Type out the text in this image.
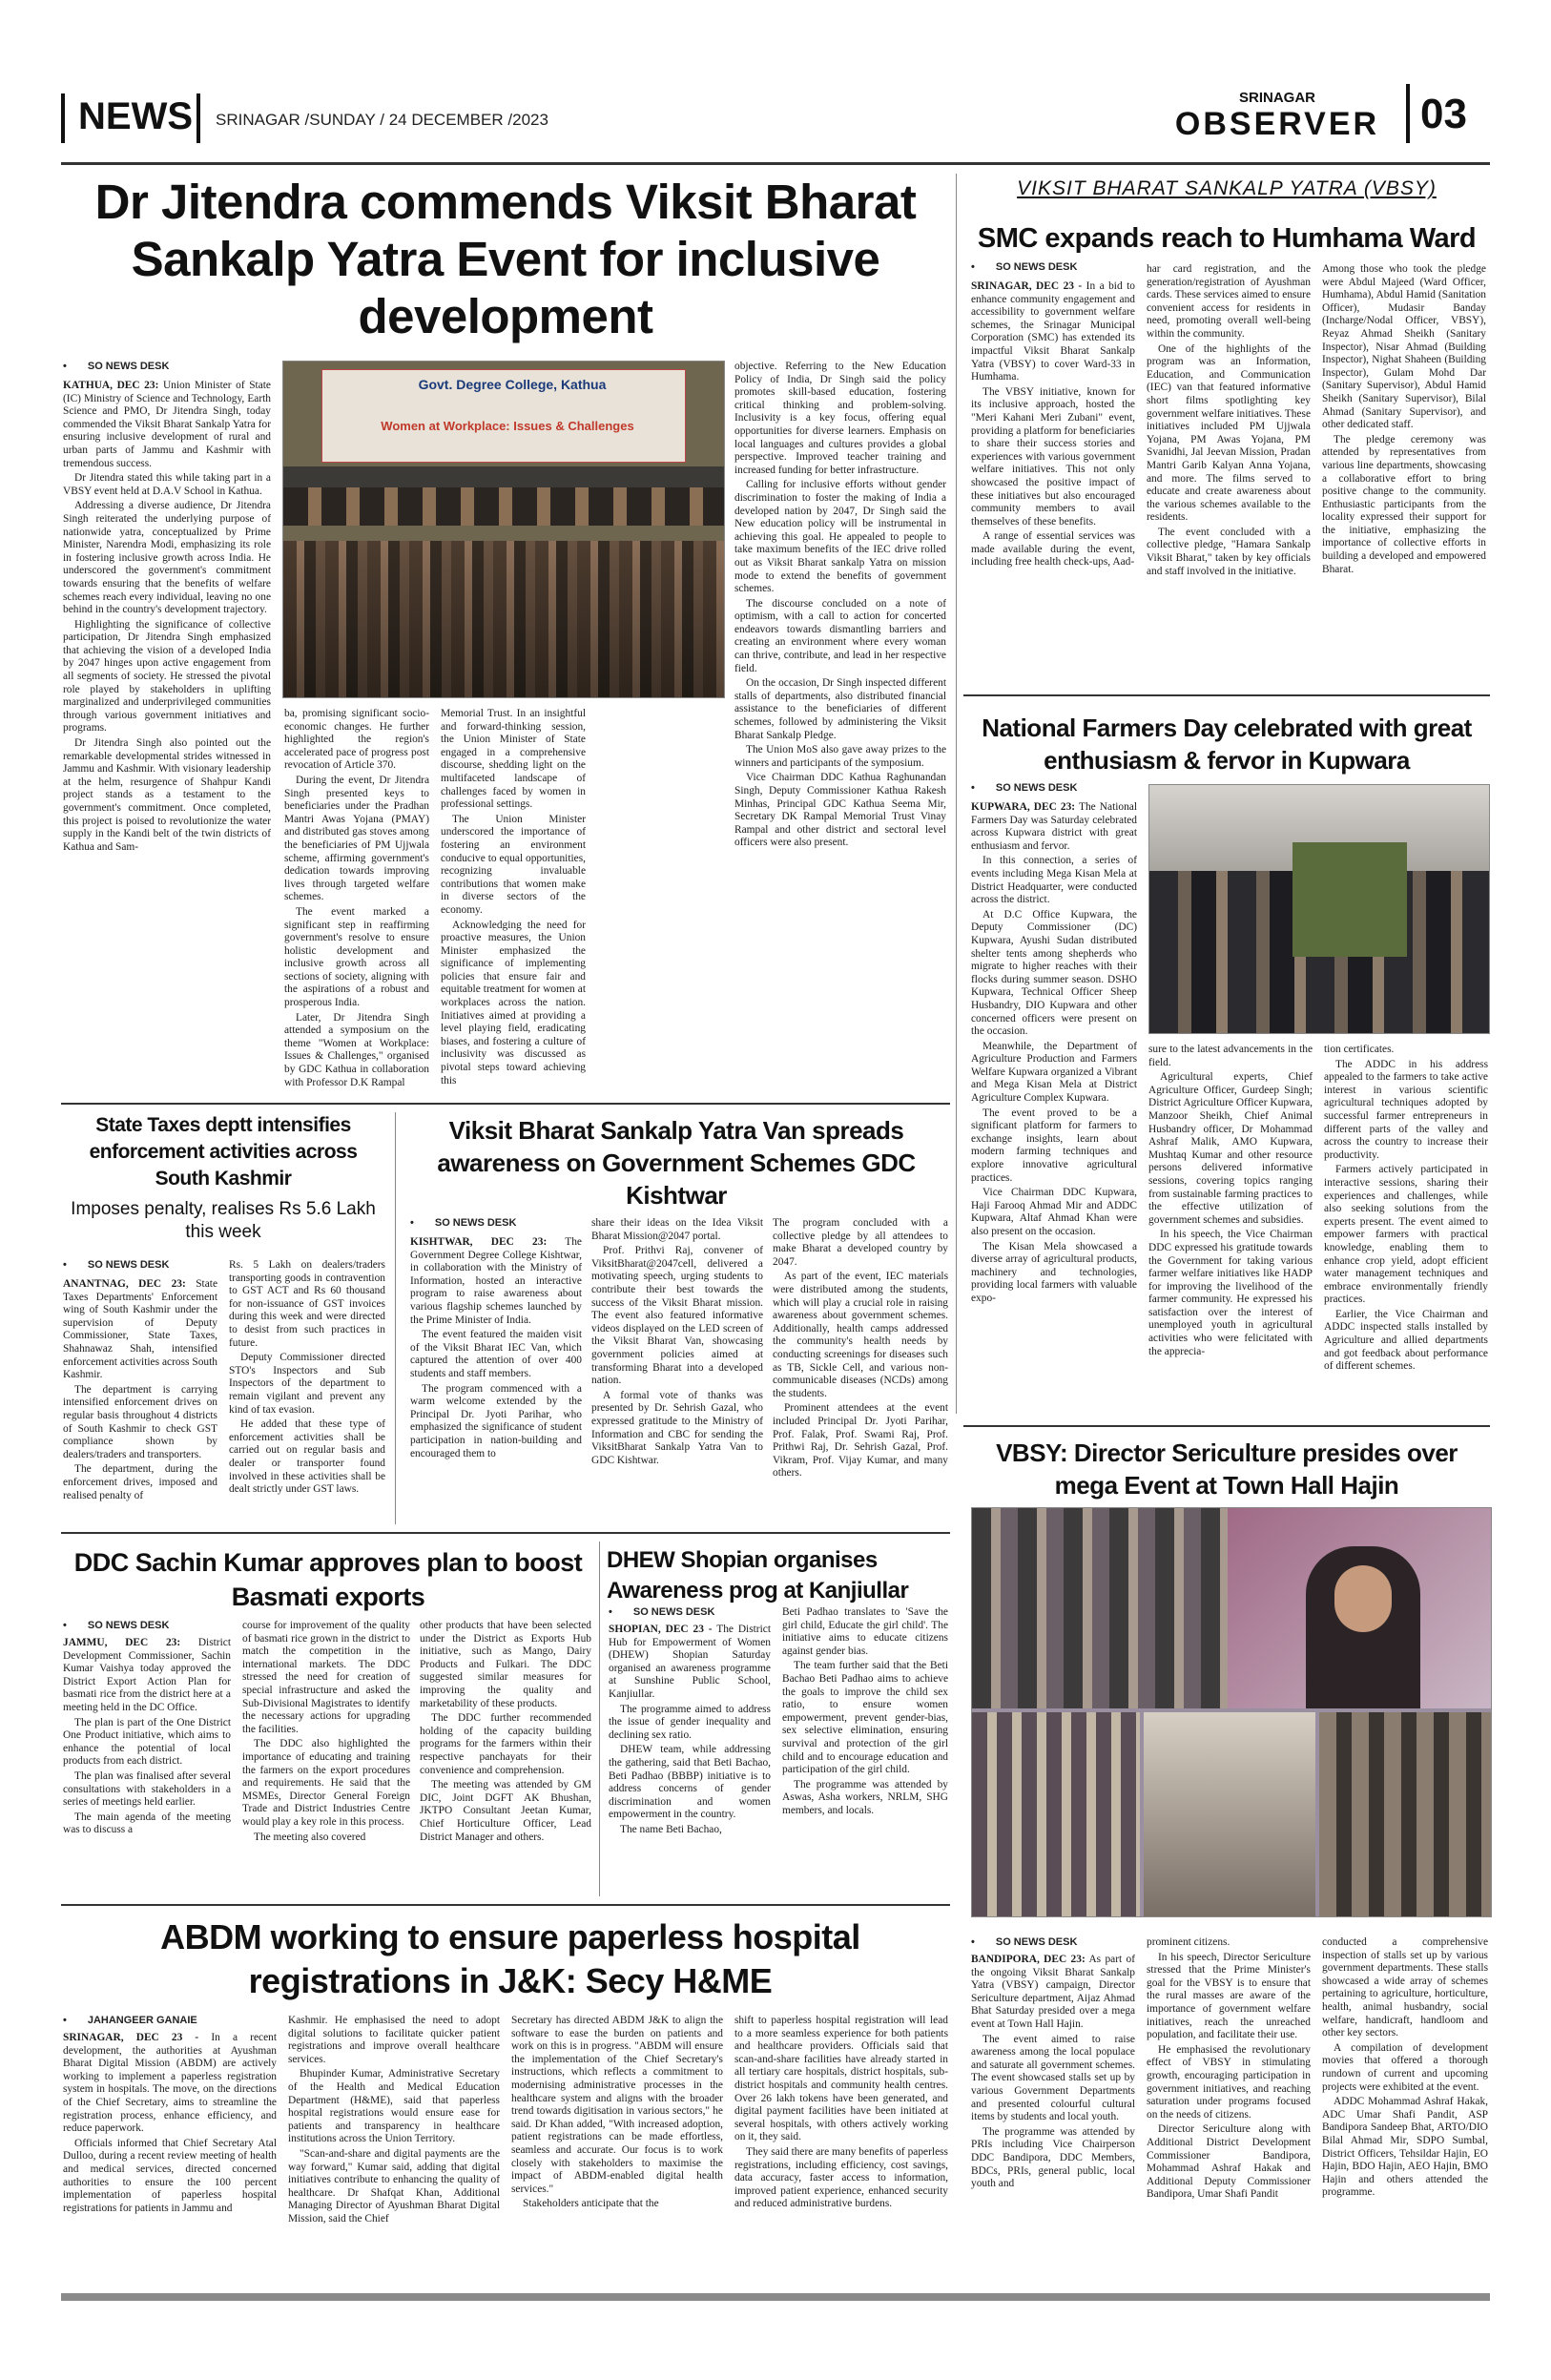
NEWS SRINAGAR /SUNDAY / 24 DECEMBER /2023
SRINAGAR
OBSERVER 03
Dr Jitendra commends Viksit Bharat Sankalp Yatra Event for inclusive development
• SO NEWS DESK

KATHUA, DEC 23: Union Minister of State (IC) Ministry of Science and Technology, Earth Science and PMO, Dr Jitendra Singh, today commended the Viksit Bharat Sankalp Yatra for ensuring inclusive development of rural and urban parts of Jammu and Kashmir with tremendous success.

Dr Jitendra stated this while taking part in a VBSY event held at D.A.V School in Kathua.

Addressing a diverse audience, Dr Jitendra Singh reiterated the underlying purpose of nationwide yatra, conceptualized by Prime Minister, Narendra Modi, emphasizing its role in fostering inclusive growth across India. He underscored the government's commitment towards ensuring that the benefits of welfare schemes reach every individual, leaving no one behind in the country's development trajectory.

Highlighting the significance of collective participation, Dr Jitendra Singh emphasized that achieving the vision of a developed India by 2047 hinges upon active engagement from all segments of society. He stressed the pivotal role played by stakeholders in uplifting marginalized and underprivileged communities through various government initiatives and programs.

Dr Jitendra Singh also pointed out the remarkable developmental strides witnessed in Jammu and Kashmir. With visionary leadership at the helm, resurgence of Shahpur Kandi project stands as a testament to the government's commitment. Once completed, this project is poised to revolutionize the water supply in the Kandi belt of the twin districts of Kathua and Sam-

Govt. Degree College, Kathua
Women at Workplace: Issues & Challenges

ba, promising significant socio-economic changes. He further highlighted the region's accelerated pace of progress post revocation of Article 370.

During the event, Dr Jitendra Singh presented keys to beneficiaries under the Pradhan Mantri Awas Yojana (PMAY) and distributed gas stoves among the beneficiaries of PM Ujjwala scheme, affirming government's dedication towards improving lives through targeted welfare schemes.

The event marked a significant step in reaffirming government's resolve to ensure holistic development and inclusive growth across all sections of society, aligning with the aspirations of a robust and prosperous India.

Later, Dr Jitendra Singh attended a symposium on the theme "Women at Workplace: Issues & Challenges," organised by GDC Kathua in collaboration with Professor D.K Rampal

Memorial Trust. In an insightful and forward-thinking session, the Union Minister of State engaged in a comprehensive discourse, shedding light on the multifaceted landscape of challenges faced by women in professional settings.

The Union Minister underscored the importance of fostering an environment conducive to equal opportunities, recognizing invaluable contributions that women make in diverse sectors of the economy.

Acknowledging the need for proactive measures, the Union Minister emphasized the significance of implementing policies that ensure fair and equitable treatment for women at workplaces across the nation. Initiatives aimed at providing a level playing field, eradicating biases, and fostering a culture of inclusivity was discussed as pivotal steps toward achieving this

objective. Referring to the New Education Policy of India, Dr Singh said the policy promotes skill-based education, fostering critical thinking and problem-solving. Inclusivity is a key focus, offering equal opportunities for diverse learners. Emphasis on local languages and cultures provides a global perspective. Improved teacher training and increased funding for better infrastructure.

Calling for inclusive efforts without gender discrimination to foster the making of India a developed nation by 2047, Dr Singh said the New education policy will be instrumental in achieving this goal. He appealed to people to take maximum benefits of the IEC drive rolled out as Viksit Bharat sankalp Yatra on mission mode to extend the benefits of government schemes.

The discourse concluded on a note of optimism, with a call to action for concerted endeavors towards dismantling barriers and creating an environment where every woman can thrive, contribute, and lead in her respective field.

On the occasion, Dr Singh inspected different stalls of departments, also distributed financial assistance to the beneficiaries of different schemes, followed by administering the Viksit Bharat Sankalp Pledge.

The Union MoS also gave away prizes to the winners and participants of the symposium.

Vice Chairman DDC Kathua Raghunandan Singh, Deputy Commissioner Kathua Rakesh Minhas, Principal GDC Kathua Seema Mir, Secretary DK Rampal Memorial Trust Vinay Rampal and other district and sectoral level officers were also present.

VIKSIT BHARAT SANKALP YATRA (VBSY)
SMC expands reach to Humhama Ward
• SO NEWS DESK

SRINAGAR, DEC 23 - In a bid to enhance community engagement and accessibility to government welfare schemes, the Srinagar Municipal Corporation (SMC) has extended its impactful Viksit Bharat Sankalp Yatra (VBSY) to cover Ward-33 in Humhama.

The VBSY initiative, known for its inclusive approach, hosted the "Meri Kahani Meri Zubani" event, providing a platform for beneficiaries to share their success stories and experiences with various government welfare initiatives. This not only showcased the positive impact of these initiatives but also encouraged community members to avail themselves of these benefits.

A range of essential services was made available during the event, including free health check-ups, Aad-

har card registration, and the generation/registration of Ayushman cards. These services aimed to ensure convenient access for residents in need, promoting overall well-being within the community.

One of the highlights of the program was an Information, Education, and Communication (IEC) van that featured informative short films spotlighting key government welfare initiatives. These initiatives included PM Ujjwala Yojana, PM Awas Yojana, PM Svanidhi, Jal Jeevan Mission, Pradan Mantri Garib Kalyan Anna Yojana, and more. The films served to educate and create awareness about the various schemes available to the residents.

The event concluded with a collective pledge, "Hamara Sankalp Viksit Bharat," taken by key officials and staff involved in the initiative.

Among those who took the pledge were Abdul Majeed (Ward Officer, Humhama), Abdul Hamid (Sanitation Officer), Mudasir Banday (Incharge/Nodal Officer, VBSY), Reyaz Ahmad Sheikh (Sanitary Inspector), Nisar Ahmad (Building Inspector), Nighat Shaheen (Building Inspector), Gulam Mohd Dar (Sanitary Supervisor), Abdul Hamid Sheikh (Sanitary Supervisor), Bilal Ahmad (Sanitary Supervisor), and other dedicated staff.

The pledge ceremony was attended by representatives from various line departments, showcasing a collaborative effort to bring positive change to the community. Enthusiastic participants from the locality expressed their support for the initiative, emphasizing the importance of collective efforts in building a developed and empowered Bharat.

National Farmers Day celebrated with great enthusiasm & fervor in Kupwara
• SO NEWS DESK

KUPWARA, DEC 23: The National Farmers Day was Saturday celebrated across Kupwara district with great enthusiasm and fervor.

In this connection, a series of events including Mega Kisan Mela at District Headquarter, were conducted across the district.

At D.C Office Kupwara, the Deputy Commissioner (DC) Kupwara, Ayushi Sudan distributed shelter tents among shepherds who migrate to higher reaches with their flocks during summer season. DSHO Kupwara, Technical Officer Sheep Husbandry, DIO Kupwara and other concerned officers were present on the occasion.

Meanwhile, the Department of Agriculture Production and Farmers Welfare Kupwara organized a Vibrant and Mega Kisan Mela at District Agriculture Complex Kupwara.

The event proved to be a significant platform for farmers to exchange insights, learn about modern farming techniques and explore innovative agricultural practices.

Vice Chairman DDC Kupwara, Haji Farooq Ahmad Mir and ADDC Kupwara, Altaf Ahmad Khan were also present on the occasion.

The Kisan Mela showcased a diverse array of agricultural products, machinery and technologies, providing local farmers with valuable expo-

sure to the latest advancements in the field.

Agricultural experts, Chief Agriculture Officer, Gurdeep Singh; District Agriculture Officer Kupwara, Manzoor Sheikh, Chief Animal Husbandry officer, Dr Mohammad Ashraf Malik, AMO Kupwara, Mushtaq Kumar and other resource persons delivered informative sessions, covering topics ranging from sustainable farming practices to the effective utilization of government schemes and subsidies.

In his speech, the Vice Chairman DDC expressed his gratitude towards the Government for taking various farmer welfare initiatives like HADP for improving the livelihood of the farmer community. He expressed his satisfaction over the interest of unemployed youth in agricultural activities who were felicitated with the apprecia-

tion certificates.

The ADDC in his address appealed to the farmers to take active interest in various scientific agricultural techniques adopted by successful farmer entrepreneurs in different parts of the valley and across the country to increase their productivity.

Farmers actively participated in interactive sessions, sharing their experiences and challenges, while also seeking solutions from the experts present. The event aimed to empower farmers with practical knowledge, enabling them to enhance crop yield, adopt efficient water management techniques and embrace environmentally friendly practices.

Earlier, the Vice Chairman and ADDC inspected stalls installed by Agriculture and allied departments and got feedback about performance of different schemes.

State Taxes deptt intensifies enforcement activities across South Kashmir
Imposes penalty, realises Rs 5.6 Lakh this week
• SO NEWS DESK

ANANTNAG, DEC 23: State Taxes Departments' Enforcement wing of South Kashmir under the supervision of Deputy Commissioner, State Taxes, Shahnawaz Shah, intensified enforcement activities across South Kashmir.

The department is carrying intensified enforcement drives on regular basis throughout 4 districts of South Kashmir to check GST compliance shown by dealers/traders and transporters.

The department, during the enforcement drives, imposed and realised penalty of

Rs. 5 Lakh on dealers/traders transporting goods in contravention to GST ACT and Rs 60 thousand for non-issuance of GST invoices during this week and were directed to desist from such practices in future.

Deputy Commissioner directed STO's Inspectors and Sub Inspectors of the department to remain vigilant and prevent any kind of tax evasion.

He added that these type of enforcement activities shall be carried out on regular basis and dealer or transporter found involved in these activities shall be dealt strictly under GST laws.

Viksit Bharat Sankalp Yatra Van spreads awareness on Government Schemes GDC Kishtwar
• SO NEWS DESK

KISHTWAR, DEC 23: The Government Degree College Kishtwar, in collaboration with the Ministry of Information, hosted an interactive program to raise awareness about various flagship schemes launched by the Prime Minister of India.

The event featured the maiden visit of the Viksit Bharat IEC Van, which captured the attention of over 400 students and staff members.

The program commenced with a warm welcome extended by the Principal Dr. Jyoti Parihar, who emphasized the significance of student participation in nation-building and encouraged them to

share their ideas on the Idea Viksit Bharat Mission@2047 portal.

Prof. Prithvi Raj, convener of ViksitBharat@2047cell, delivered a motivating speech, urging students to contribute their best towards the success of the Viksit Bharat mission. The event also featured informative videos displayed on the LED screen of the Viksit Bharat Van, showcasing government policies aimed at transforming Bharat into a developed nation.

A formal vote of thanks was presented by Dr. Sehrish Gazal, who expressed gratitude to the Ministry of Information and CBC for sending the ViksitBharat Sankalp Yatra Van to GDC Kishtwar.

The program concluded with a collective pledge by all attendees to make Bharat a developed country by 2047.

As part of the event, IEC materials were distributed among the students, which will play a crucial role in raising awareness about government schemes. Additionally, health camps addressed the community's health needs by conducting screenings for diseases such as TB, Sickle Cell, and various non-communicable diseases (NCDs) among the students.

Prominent attendees at the event included Principal Dr. Jyoti Parihar, Prof. Falak, Prof. Swami Raj, Prof. Prithwi Raj, Dr. Sehrish Gazal, Prof. Vikram, Prof. Vijay Kumar, and many others.

DDC Sachin Kumar approves plan to boost Basmati exports
• SO NEWS DESK

JAMMU, DEC 23: District Development Commissioner, Sachin Kumar Vaishya today approved the District Export Action Plan for basmati rice from the district here at a meeting held in the DC Office.

The plan is part of the One District One Product initiative, which aims to enhance the potential of local products from each district.

The plan was finalised after several consultations with stakeholders in a series of meetings held earlier.

The main agenda of the meeting was to discuss a

course for improvement of the quality of basmati rice grown in the district to match the competition in the international markets. The DDC stressed the need for creation of special infrastructure and asked the Sub-Divisional Magistrates to identify the necessary actions for upgrading the facilities.

The DDC also highlighted the importance of educating and training the farmers on the export procedures and requirements. He said that the MSMEs, Director General Foreign Trade and District Industries Centre would play a key role in this process.

The meeting also covered

other products that have been selected under the District as Exports Hub initiative, such as Mango, Dairy Products and Fulkari. The DDC suggested similar measures for improving the quality and marketability of these products.

The DDC further recommended holding of the capacity building programs for the farmers within their respective panchayats for their convenience and comprehension.

The meeting was attended by GM DIC, Joint DGFT AK Bhushan, JKTPO Consultant Jeetan Kumar, Chief Horticulture Officer, Lead District Manager and others.

DHEW Shopian organises Awareness prog at Kanjiullar
• SO NEWS DESK

SHOPIAN, DEC 23 - The District Hub for Empowerment of Women (DHEW) Shopian Saturday organised an awareness programme at Sunshine Public School, Kanjiullar.

The programme aimed to address the issue of gender inequality and declining sex ratio.

DHEW team, while addressing the gathering, said that Beti Bachao, Beti Padhao (BBBP) initiative is to address concerns of gender discrimination and women empowerment in the country.

The name Beti Bachao,

Beti Padhao translates to 'Save the girl child, Educate the girl child'. The initiative aims to educate citizens against gender bias.

The team further said that the Beti Bachao Beti Padhao aims to achieve the goals to improve the child sex ratio, to ensure women empowerment, prevent gender-bias, sex selective elimination, ensuring survival and protection of the girl child and to encourage education and participation of the girl child.

The programme was attended by Aswas, Asha workers, NRLM, SHG members, and locals.

VBSY: Director Sericulture presides over mega Event at Town Hall Hajin
• SO NEWS DESK

BANDIPORA, DEC 23: As part of the ongoing Viksit Bharat Sankalp Yatra (VBSY) campaign, Director Sericulture department, Aijaz Ahmad Bhat Saturday presided over a mega event at Town Hall Hajin.

The event aimed to raise awareness among the local populace and saturate all government schemes. The event showcased stalls set up by various Government Departments and presented colourful cultural items by students and local youth.

The programme was attended by PRIs including Vice Chairperson DDC Bandipora, DDC Members, BDCs, PRIs, general public, local youth and

prominent citizens.

In his speech, Director Sericulture stressed that the Prime Minister's goal for the VBSY is to ensure that the rural masses are aware of the importance of government welfare initiatives, reach the unreached population, and facilitate their use.

He emphasised the revolutionary effect of VBSY in stimulating growth, encouraging participation in government initiatives, and reaching saturation under programs focused on the needs of citizens.

Director Sericulture along with Additional District Development Commissioner Bandipora, Mohammad Ashraf Hakak and Additional Deputy Commissioner Bandipora, Umar Shafi Pandit

conducted a comprehensive inspection of stalls set up by various government departments. These stalls showcased a wide array of schemes pertaining to agriculture, horticulture, health, animal husbandry, social welfare, handicraft, handloom and other key sectors.

A compilation of development movies that offered a thorough rundown of current and upcoming projects were exhibited at the event.

ADDC Mohammad Ashraf Hakak, ADC Umar Shafi Pandit, ASP Bandipora Sandeep Bhat, ARTO/DIO Bilal Ahmad Mir, SDPO Sumbal, District Officers, Tehsildar Hajin, EO Hajin, BDO Hajin, AEO Hajin, BMO Hajin and others attended the programme.

ABDM working to ensure paperless hospital registrations in J&K: Secy H&ME
• JAHANGEER GANAIE

SRINAGAR, DEC 23 - In a recent development, the authorities at Ayushman Bharat Digital Mission (ABDM) are actively working to implement a paperless registration system in hospitals. The move, on the directions of the Chief Secretary, aims to streamline the registration process, enhance efficiency, and reduce paperwork.

Officials informed that Chief Secretary Atal Dulloo, during a recent review meeting of health and medical services, directed concerned authorities to ensure the 100 percent implementation of paperless hospital registrations for patients in Jammu and

Kashmir. He emphasised the need to adopt digital solutions to facilitate quicker patient registrations and improve overall healthcare services.

Bhupinder Kumar, Administrative Secretary of the Health and Medical Education Department (H&ME), said that paperless hospital registrations would ensure ease for patients and transparency in healthcare institutions across the Union Territory.

"Scan-and-share and digital payments are the way forward," Kumar said, adding that digital initiatives contribute to enhancing the quality of healthcare. Dr Shafqat Khan, Additional Managing Director of Ayushman Bharat Digital Mission, said the Chief

Secretary has directed ABDM J&K to align the software to ease the burden on patients and work on this is in progress. "ABDM will ensure the implementation of the Chief Secretary's instructions, which reflects a commitment to modernising administrative processes in the healthcare system and aligns with the broader trend towards digitisation in various sectors," he said. Dr Khan added, "With increased adoption, patient registrations can be made effortless, seamless and accurate. Our focus is to work closely with stakeholders to maximise the impact of ABDM-enabled digital health services."

Stakeholders anticipate that the

shift to paperless hospital registration will lead to a more seamless experience for both patients and healthcare providers. Officials said that scan-and-share facilities have already started in all tertiary care hospitals, district hospitals, sub-district hospitals and community health centres. Over 26 lakh tokens have been generated, and digital payment facilities have been initiated at several hospitals, with others actively working on it, they said.

They said there are many benefits of paperless registrations, including efficiency, cost savings, data accuracy, faster access to information, improved patient experience, enhanced security and reduced administrative burdens.
